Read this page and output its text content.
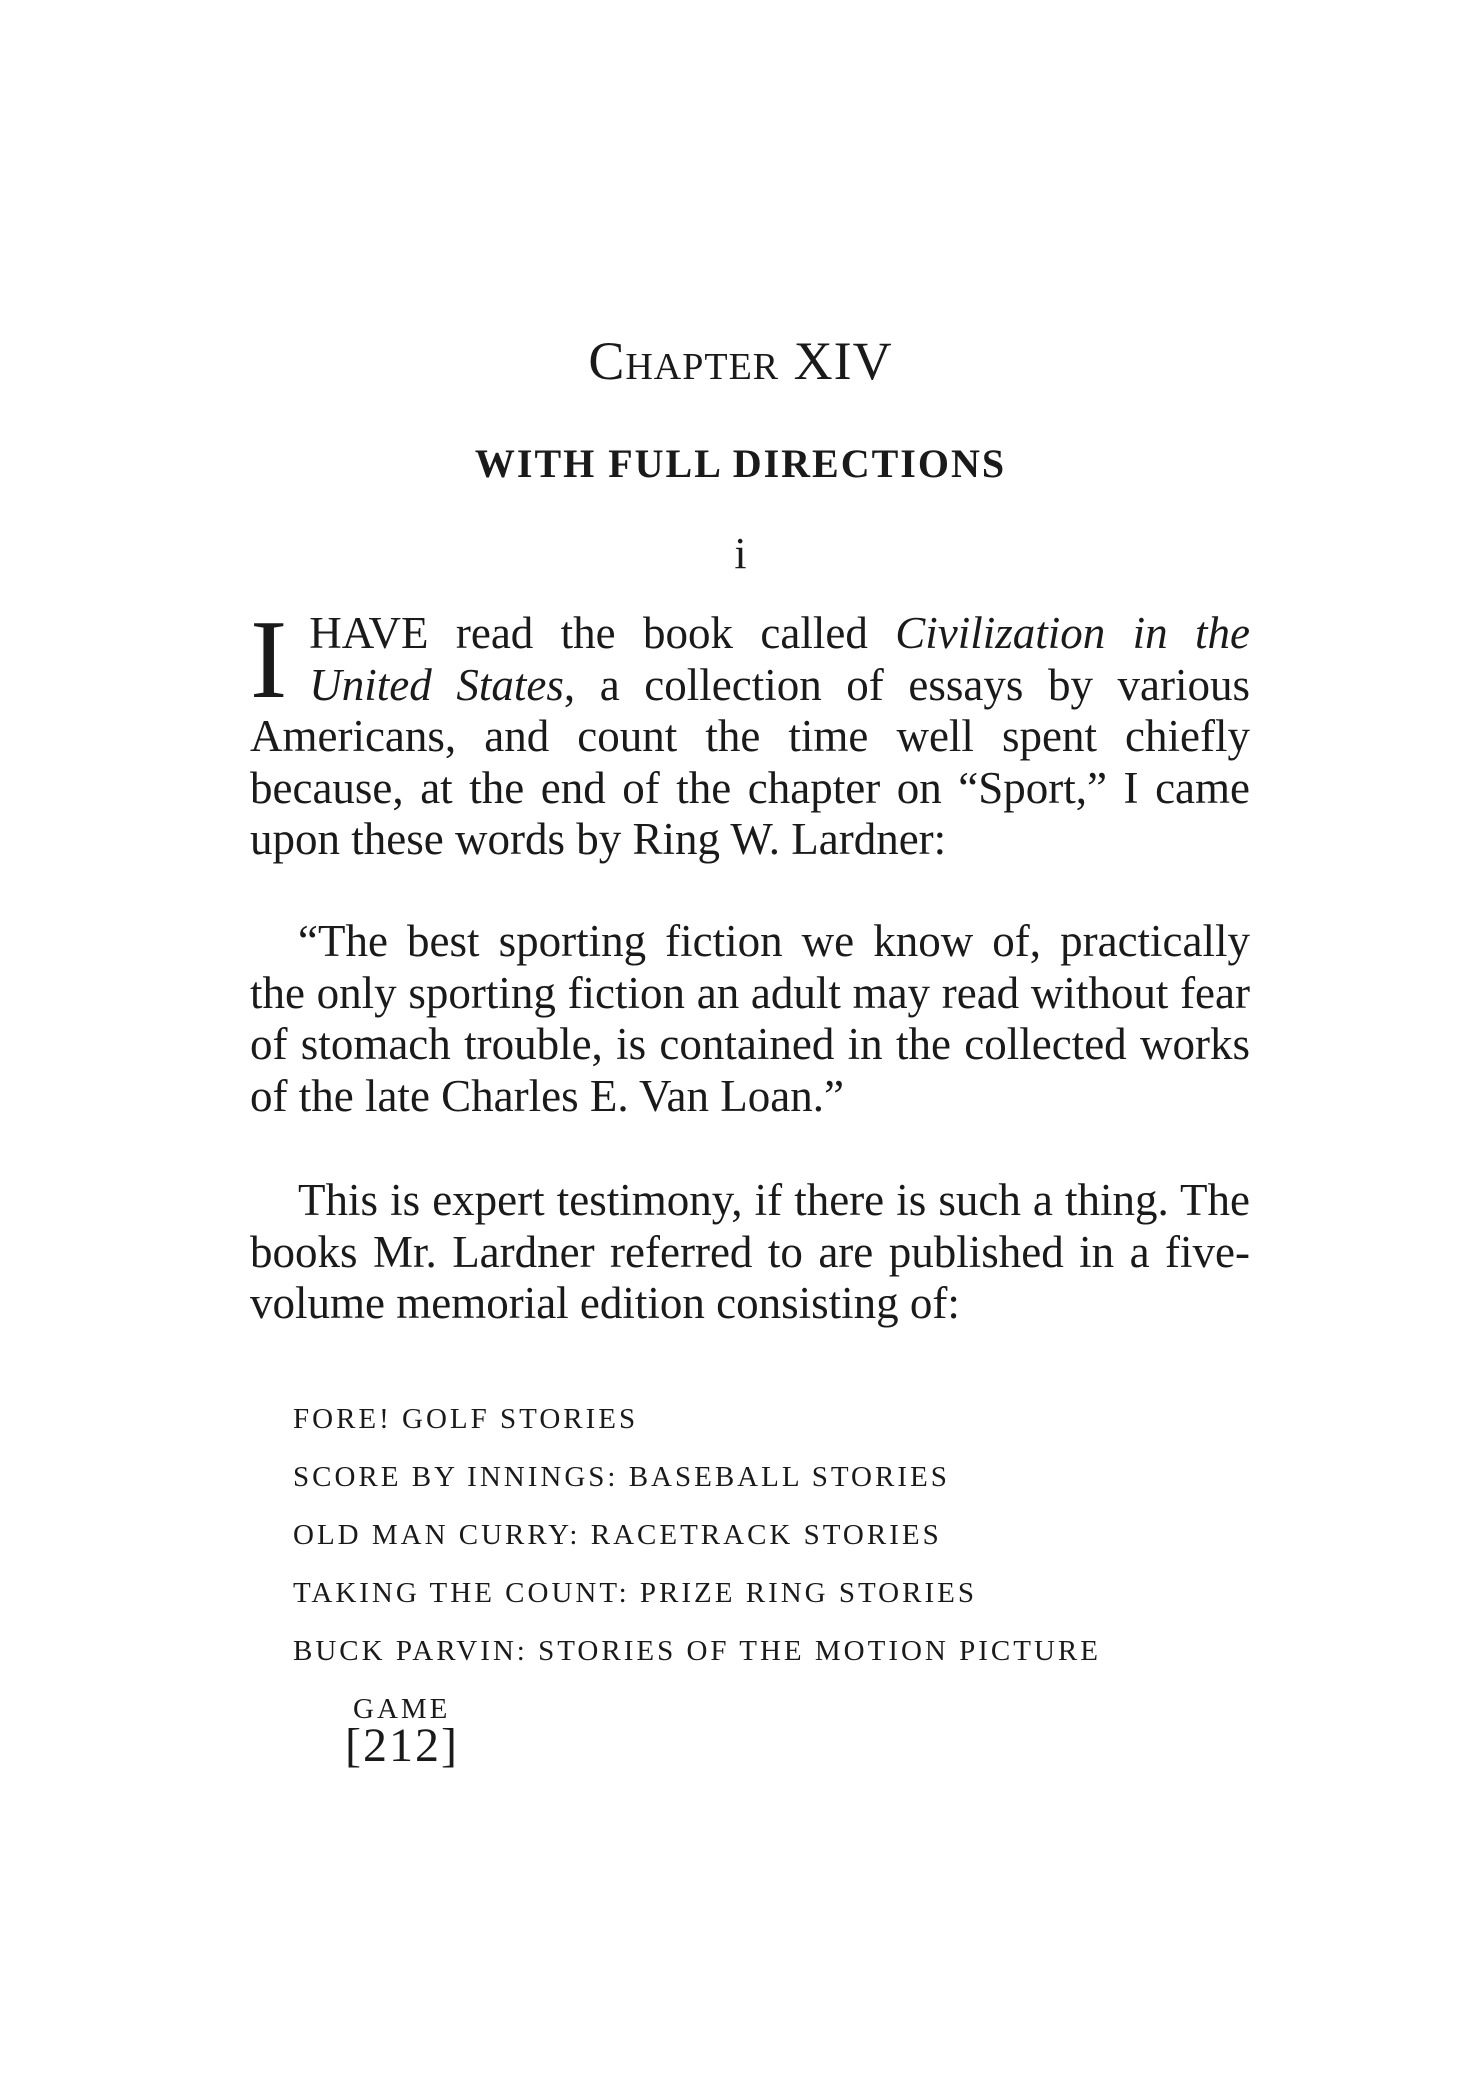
Chapter XIV
WITH FULL DIRECTIONS
i

IHAVE read the book called Civilization in the United States, a collection of essays by various Americans, and count the time well spent chiefly because, at the end of the chapter on “Sport,” I came upon these words by Ring W. Lardner:

“The best sporting fiction we know of, practically the only sporting fiction an adult may read without fear of stomach trouble, is contained in the collected works of the late Charles E. Van Loan.”

This is expert testimony, if there is such a thing. The books Mr. Lardner referred to are published in a five-volume memorial edition consisting of:

FORE! GOLF STORIES
SCORE BY INNINGS: BASEBALL STORIES
OLD MAN CURRY: RACETRACK STORIES
TAKING THE COUNT: PRIZE RING STORIES
BUCK PARVIN: STORIES OF THE MOTION PICTURE GAME
[212]
